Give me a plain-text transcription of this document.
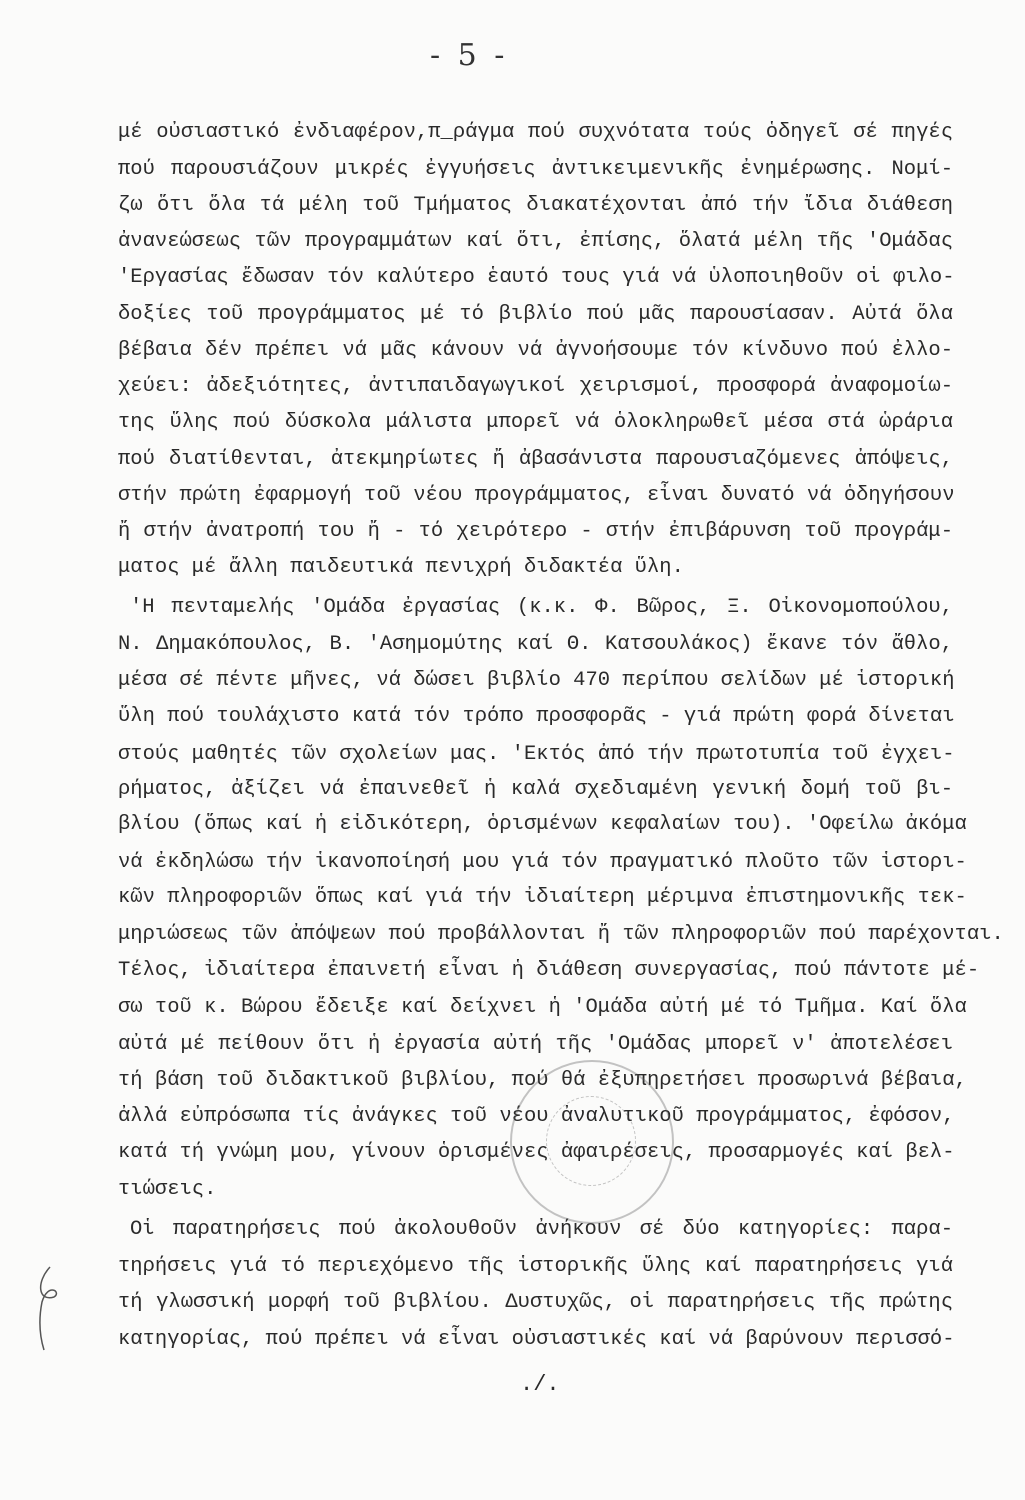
- 5 -
μέ οὐσιαστικό ἐνδιαφέρον,π_ράγμα πού συχνότατα τούς ὁδηγεῖ σέ πηγές
πού παρουσιάζουν μικρές ἐγγυήσεις ἀντικειμενικῆς ἐνημέρωσης. Νομί-
ζω ὅτι ὅλα τά μέλη τοῦ Τμήματος διακατέχονται ἀπό τήν ἴδια διάθεση
ἀνανεώσεως τῶν προγραμμάτων καί ὅτι, ἐπίσης, ὅλατά μέλη τῆς 'Ομάδας
'Εργασίας ἔδωσαν τόν καλύτερο ἑαυτό τους γιά νά ὑλοποιηθοῦν οἱ φιλο-
δοξίες τοῦ προγράμματος μέ τό βιβλίο πού μᾶς παρουσίασαν. Αὐτά ὅλα
βέβαια δέν πρέπει νά μᾶς κάνουν νά ἀγνοήσουμε τόν κίνδυνο πού ἐλλο-
χεύει: ἀδεξιότητες, ἀντιπαιδαγωγικοί χειρισμοί, προσφορά ἀναφομοίω-
της ὕλης πού δύσκολα μάλιστα μπορεῖ νά ὁλοκληρωθεῖ μέσα στά ὡράρια
πού διατίθενται, ἀτεκμηρίωτες ἤ ἀβασάνιστα παρουσιαζόμενες ἀπόψεις,
στήν πρώτη ἐφαρμογή τοῦ νέου προγράμματος, εἶναι δυνατό νά ὁδηγήσουν
ἤ στήν ἀνατροπή του ἤ - τό χειρότερο - στήν ἐπιβάρυνση τοῦ προγράμ-
ματος μέ ἄλλη παιδευτικά πενιχρή διδακτέα ὕλη.
'Η πενταμελής 'Ομάδα ἐργασίας (κ.κ. Φ. Βῶρος, Ξ. Οἰκονομοπούλου,
Ν. Δημακόπουλος, Β. 'Ασημομύτης καί Θ. Κατσουλάκος) ἔκανε τόν ἄθλο,
μέσα σέ πέντε μῆνες, νά δώσει βιβλίο 470 περίπου σελίδων μέ ἱστορική
ὕλη πού τουλάχιστο κατά τόν τρόπο προσφορᾶς - γιά πρώτη φορά δίνεται
στούς μαθητές τῶν σχολείων μας. 'Εκτός ἀπό τήν πρωτοτυπία τοῦ ἐγχει-
ρήματος, ἀξίζει νά ἐπαινεθεῖ ἡ καλά σχεδιαμένη γενική δομή τοῦ βι-
βλίου (ὅπως καί ἡ εἰδικότερη, ὁρισμένων κεφαλαίων του). 'Οφείλω ἀκόμα
νά ἐκδηλώσω τήν ἱκανοποίησή μου γιά τόν πραγματικό πλοῦτο τῶν ἱστορι-
κῶν πληροφοριῶν ὅπως καί γιά τήν ἰδιαίτερη μέριμνα ἐπιστημονικῆς τεκ-
μηριώσεως τῶν ἀπόψεων πού προβάλλονται ἤ τῶν πληροφοριῶν πού παρέχονται.
Τέλος, ἰδιαίτερα ἐπαινετή εἶναι ἡ διάθεση συνεργασίας, πού πάντοτε μέ-
σω τοῦ κ. Βώρου ἔδειξε καί δείχνει ἡ 'Ομάδα αὐτή μέ τό Τμῆμα. Καί ὅλα
αὐτά μέ πείθουν ὅτι ἡ ἐργασία αὐτή τῆς 'Ομάδας μπορεῖ ν' ἀποτελέσει
τή βάση τοῦ διδακτικοῦ βιβλίου, πού θά ἐξυπηρετήσει προσωρινά βέβαια,
ἀλλά εὐπρόσωπα τίς ἀνάγκες τοῦ νέου ἀναλυτικοῦ προγράμματος, ἐφόσον,
κατά τή γνώμη μου, γίνουν ὁρισμένες ἀφαιρέσεις, προσαρμογές καί βελ-
τιώσεις.
Οἱ παρατηρήσεις πού ἀκολουθοῦν ἀνήκουν σέ δύο κατηγορίες: παρα-
τηρήσεις γιά τό περιεχόμενο τῆς ἱστορικῆς ὕλης καί παρατηρήσεις γιά
τή γλωσσική μορφή τοῦ βιβλίου. Δυστυχῶς, οἱ παρατηρήσεις τῆς πρώτης
κατηγορίας, πού πρέπει νά εἶναι οὐσιαστικές καί νά βαρύνουν περισσό-
./.
